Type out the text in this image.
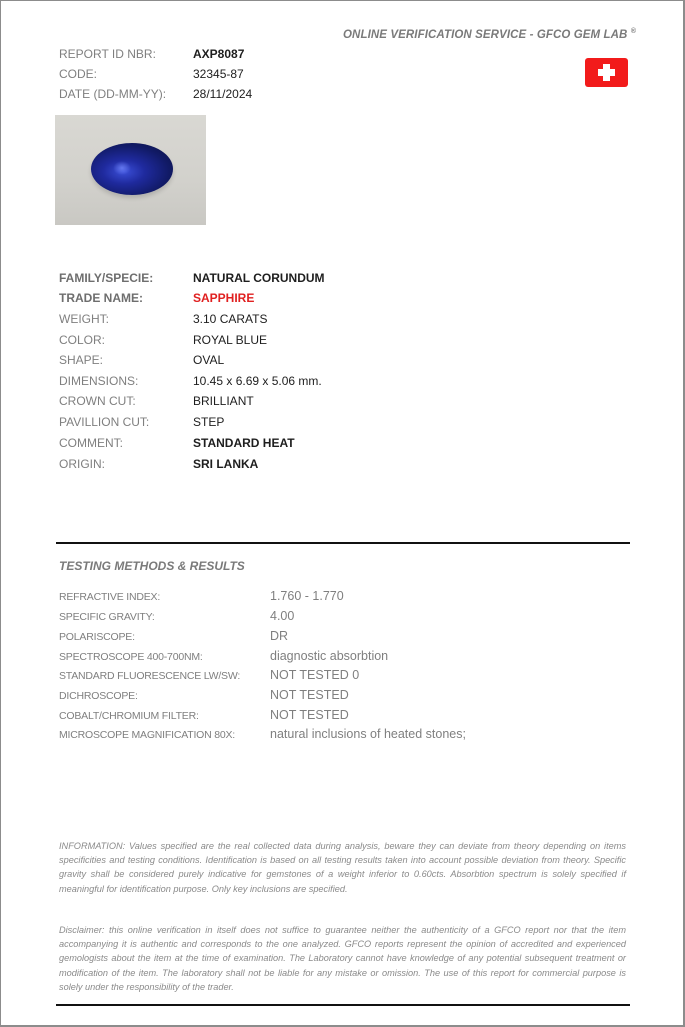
ONLINE VERIFICATION SERVICE - GFCO GEM LAB ®
REPORT ID NBR:	AXP8087
CODE:	32345-87
DATE (DD-MM-YY): 28/11/2024
FAMILY/SPECIE:	NATURAL CORUNDUM
TRADE NAME:	SAPPHIRE
WEIGHT:	3.10 CARATS
COLOR:	ROYAL BLUE
SHAPE:	OVAL
DIMENSIONS:	10.45 x 6.69 x 5.06 mm.
CROWN CUT:	BRILLIANT
PAVILLION CUT:	STEP
COMMENT:	STANDARD HEAT
ORIGIN:	SRI LANKA
TESTING METHODS & RESULTS
REFRACTIVE INDEX:	1.760 - 1.770
SPECIFIC GRAVITY:	4.00
POLARISCOPE:	DR
SPECTROSCOPE 400-700NM:	diagnostic absorbtion
STANDARD FLUORESCENCE LW/SW: NOT TESTED 0
DICHROSCOPE:	NOT TESTED
COBALT/CHROMIUM FILTER:	NOT TESTED
MICROSCOPE MAGNIFICATION 80X:	natural inclusions of heated stones;

INFORMATION: Values specified are the real collected data during analysis, beware they can deviate from theory depending on items specificities and testing conditions. Identification is based on all testing results taken into account possible deviation from theory. Specific gravity shall be considered purely indicative for gemstones of a weight inferior to 0.60cts. Absorbtion spectrum is solely specified if meaningful for identification purpose. Only key inclusions are specified.

Disclaimer: this online verification in itself does not suffice to guarantee neither the authenticity of a GFCO report nor that the item accompanying it is authentic and corresponds to the one analyzed. GFCO reports represent the opinion of accredited and experienced gemologists about the item at the time of examination. The Laboratory cannot have knowledge of any potential subsequent treatment or modification of the item. The laboratory shall not be liable for any mistake or omission. The use of this report for commercial purpose is solely under the responsibility of the trader.
